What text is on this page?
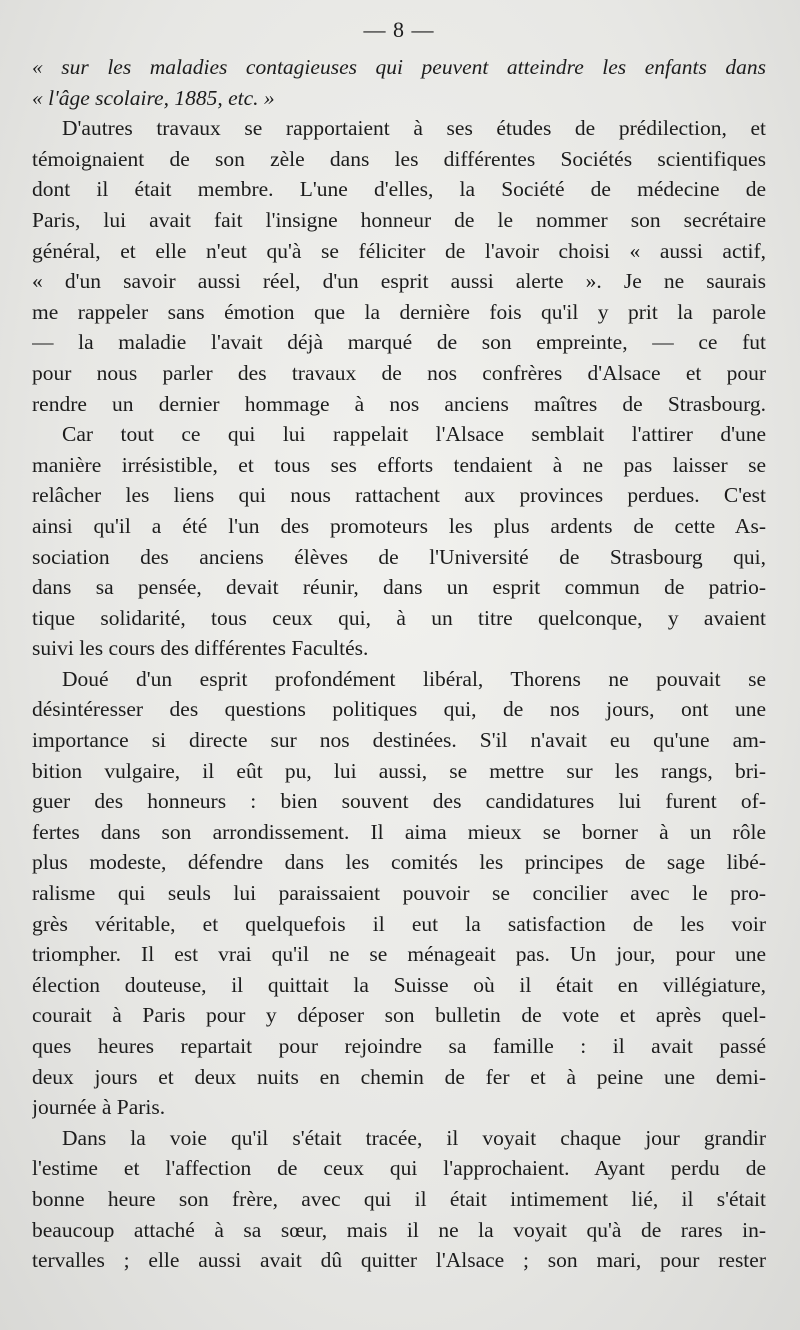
— 8 —
« sur les maladies contagieuses qui peuvent atteindre les enfants dans
« l'âge scolaire, 1885, etc. »
D'autres travaux se rapportaient à ses études de prédilection, et
témoignaient de son zèle dans les différentes Sociétés scientifiques
dont il était membre. L'une d'elles, la Société de médecine de
Paris, lui avait fait l'insigne honneur de le nommer son secrétaire
général, et elle n'eut qu'à se féliciter de l'avoir choisi « aussi actif,
« d'un savoir aussi réel, d'un esprit aussi alerte ». Je ne saurais
me rappeler sans émotion que la dernière fois qu'il y prit la parole
— la maladie l'avait déjà marqué de son empreinte, — ce fut
pour nous parler des travaux de nos confrères d'Alsace et pour
rendre un dernier hommage à nos anciens maîtres de Strasbourg.
Car tout ce qui lui rappelait l'Alsace semblait l'attirer d'une
manière irrésistible, et tous ses efforts tendaient à ne pas laisser se
relâcher les liens qui nous rattachent aux provinces perdues. C'est
ainsi qu'il a été l'un des promoteurs les plus ardents de cette As-
sociation des anciens élèves de l'Université de Strasbourg qui,
dans sa pensée, devait réunir, dans un esprit commun de patrio-
tique solidarité, tous ceux qui, à un titre quelconque, y avaient
suivi les cours des différentes Facultés.
Doué d'un esprit profondément libéral, Thorens ne pouvait se
désintéresser des questions politiques qui, de nos jours, ont une
importance si directe sur nos destinées. S'il n'avait eu qu'une am-
bition vulgaire, il eût pu, lui aussi, se mettre sur les rangs, bri-
guer des honneurs : bien souvent des candidatures lui furent of-
fertes dans son arrondissement. Il aima mieux se borner à un rôle
plus modeste, défendre dans les comités les principes de sage libé-
ralisme qui seuls lui paraissaient pouvoir se concilier avec le pro-
grès véritable, et quelquefois il eut la satisfaction de les voir
triompher. Il est vrai qu'il ne se ménageait pas. Un jour, pour une
élection douteuse, il quittait la Suisse où il était en villégiature,
courait à Paris pour y déposer son bulletin de vote et après quel-
ques heures repartait pour rejoindre sa famille : il avait passé
deux jours et deux nuits en chemin de fer et à peine une demi-
journée à Paris.
Dans la voie qu'il s'était tracée, il voyait chaque jour grandir
l'estime et l'affection de ceux qui l'approchaient. Ayant perdu de
bonne heure son frère, avec qui il était intimement lié, il s'était
beaucoup attaché à sa sœur, mais il ne la voyait qu'à de rares in-
tervalles ; elle aussi avait dû quitter l'Alsace ; son mari, pour rester
